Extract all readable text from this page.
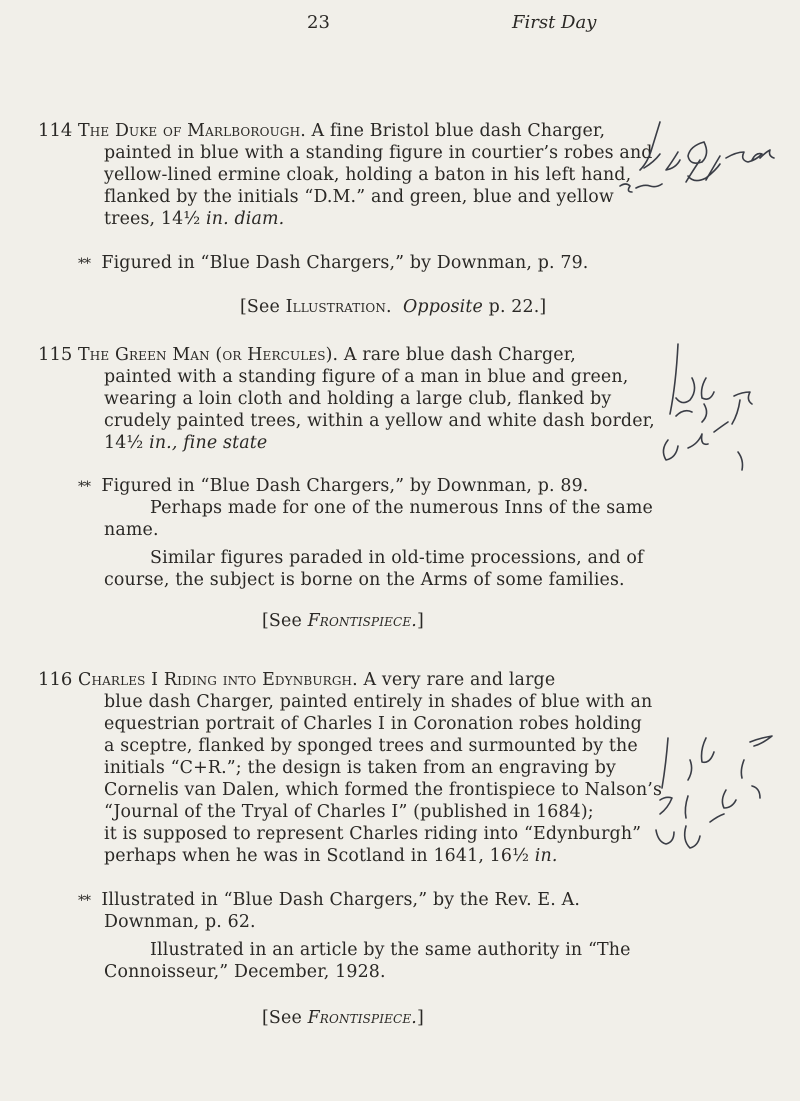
23	First Day
114 The Duke of Marlborough. A fine Bristol blue dash Charger,
painted in blue with a standing figure in courtier’s robes and
yellow-lined ermine cloak, holding a baton in his left hand,
flanked by the initials “D.M.” and green, blue and yellow
trees, 14½ in. diam.
** Figured in “Blue Dash Chargers,” by Downman, p. 79.
[See Illustration. Opposite p. 22.]
115 The Green Man (or Hercules). A rare blue dash Charger,
painted with a standing figure of a man in blue and green,
wearing a loin cloth and holding a large club, flanked by
crudely painted trees, within a yellow and white dash border,
14½ in., fine state
** Figured in “Blue Dash Chargers,” by Downman, p. 89.
Perhaps made for one of the numerous Inns of the same
name.
Similar figures paraded in old-time processions, and of
course, the subject is borne on the Arms of some families.
[See Frontispiece.]
116 Charles I Riding into Edynburgh. A very rare and large
blue dash Charger, painted entirely in shades of blue with an
equestrian portrait of Charles I in Coronation robes holding
a sceptre, flanked by sponged trees and surmounted by the
initials “C+R.”; the design is taken from an engraving by
Cornelis van Dalen, which formed the frontispiece to Nalson’s
“Journal of the Tryal of Charles I” (published in 1684);
it is supposed to represent Charles riding into “Edynburgh”
perhaps when he was in Scotland in 1641, 16½ in.
** Illustrated in “Blue Dash Chargers,” by the Rev. E. A.
Downman, p. 62.
Illustrated in an article by the same authority in “The
Connoisseur,” December, 1928.
[See Frontispiece.]
